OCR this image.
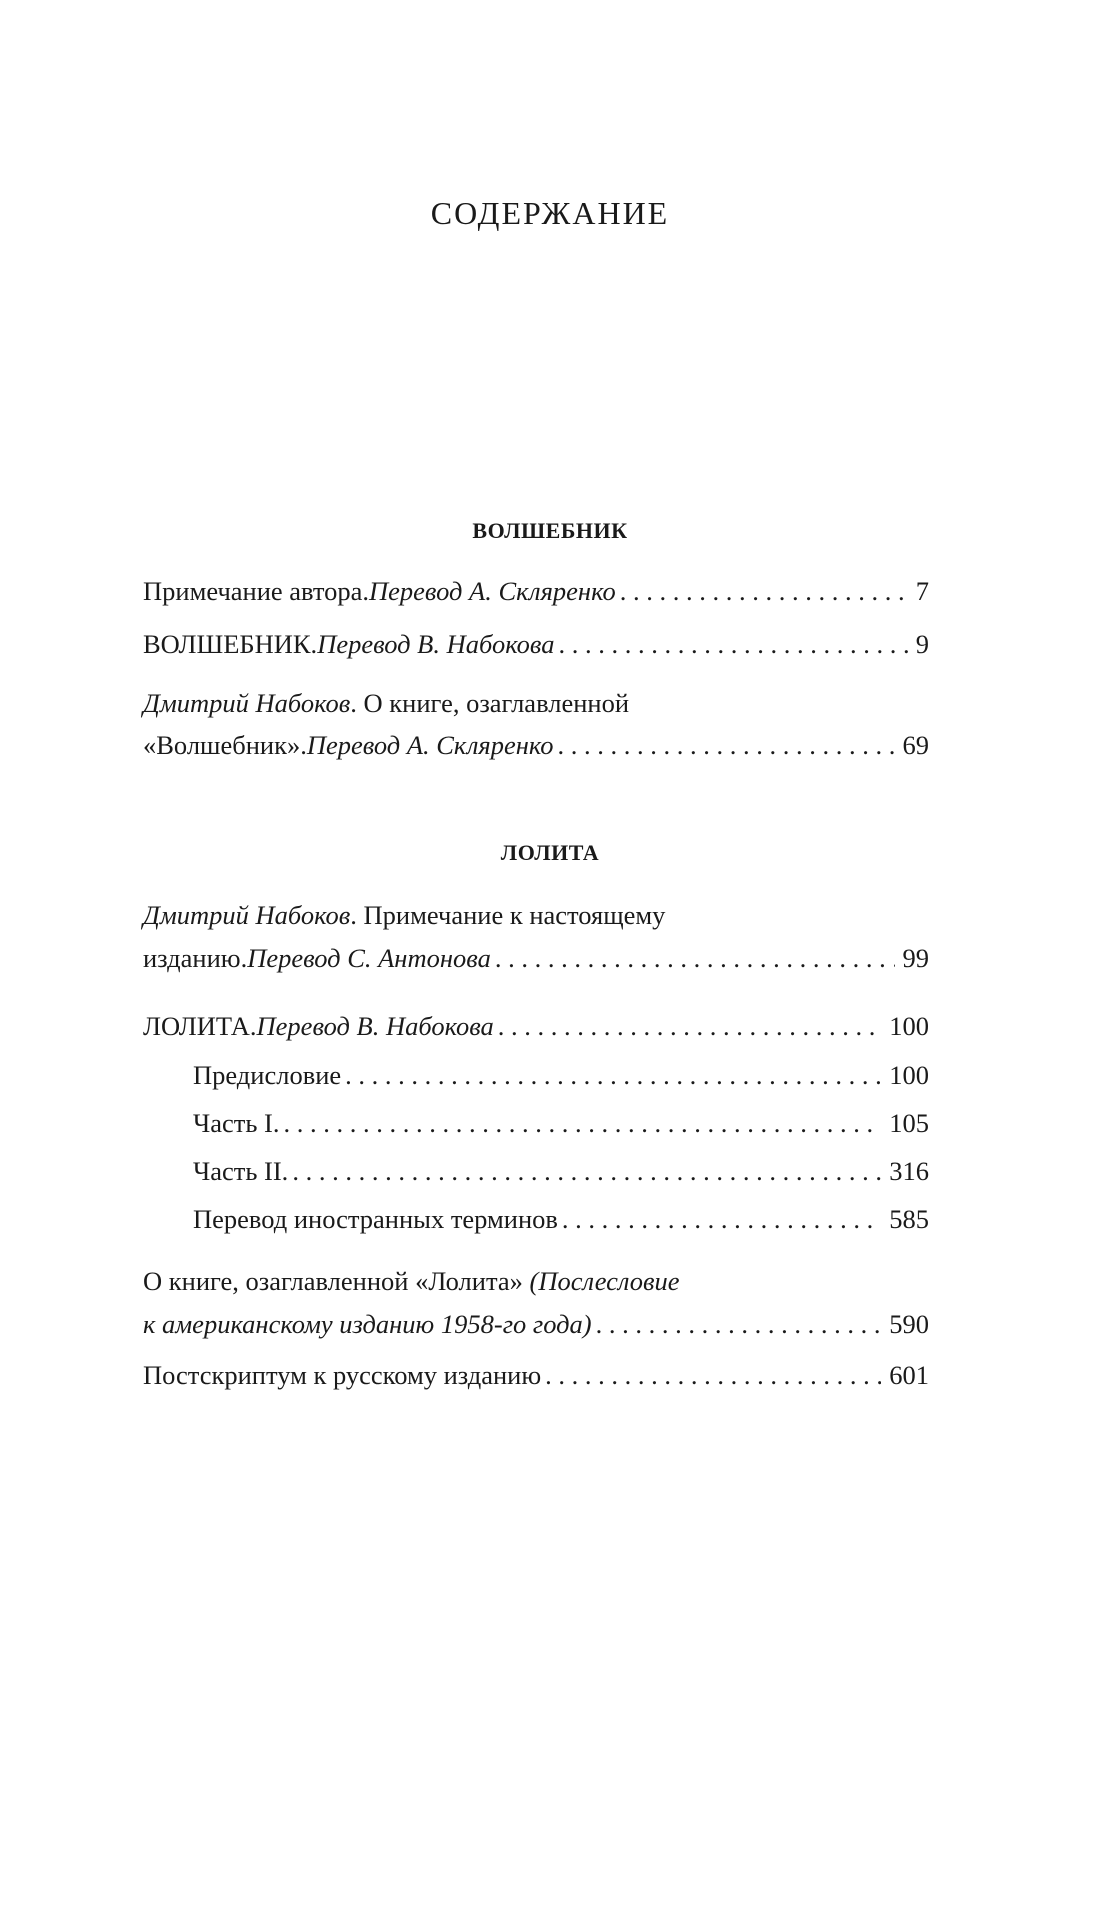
СОДЕРЖАНИЕ
ВОЛШЕБНИК
Примечание автора. Перевод А. Скляренко . . .	7
ВОЛШЕБНИК. Перевод В. Набокова . . .	9
Дмитрий Набоков. О книге, озаглавленной
«Волшебник». Перевод А. Скляренко . . .	69
ЛОЛИТА
Дмитрий Набоков. Примечание к настоящему
изданию. Перевод С. Антонова . . .	99
ЛОЛИТА. Перевод В. Набокова . . .	100
Предисловие . . .	100
Часть I. . . .	105
Часть II. . . .	316
Перевод иностранных терминов . . .	585
О книге, озаглавленной «Лолита» (Послесловие
к американскому изданию 1958-го года) . . .	590
Постскриптум к русскому изданию . . .	601
